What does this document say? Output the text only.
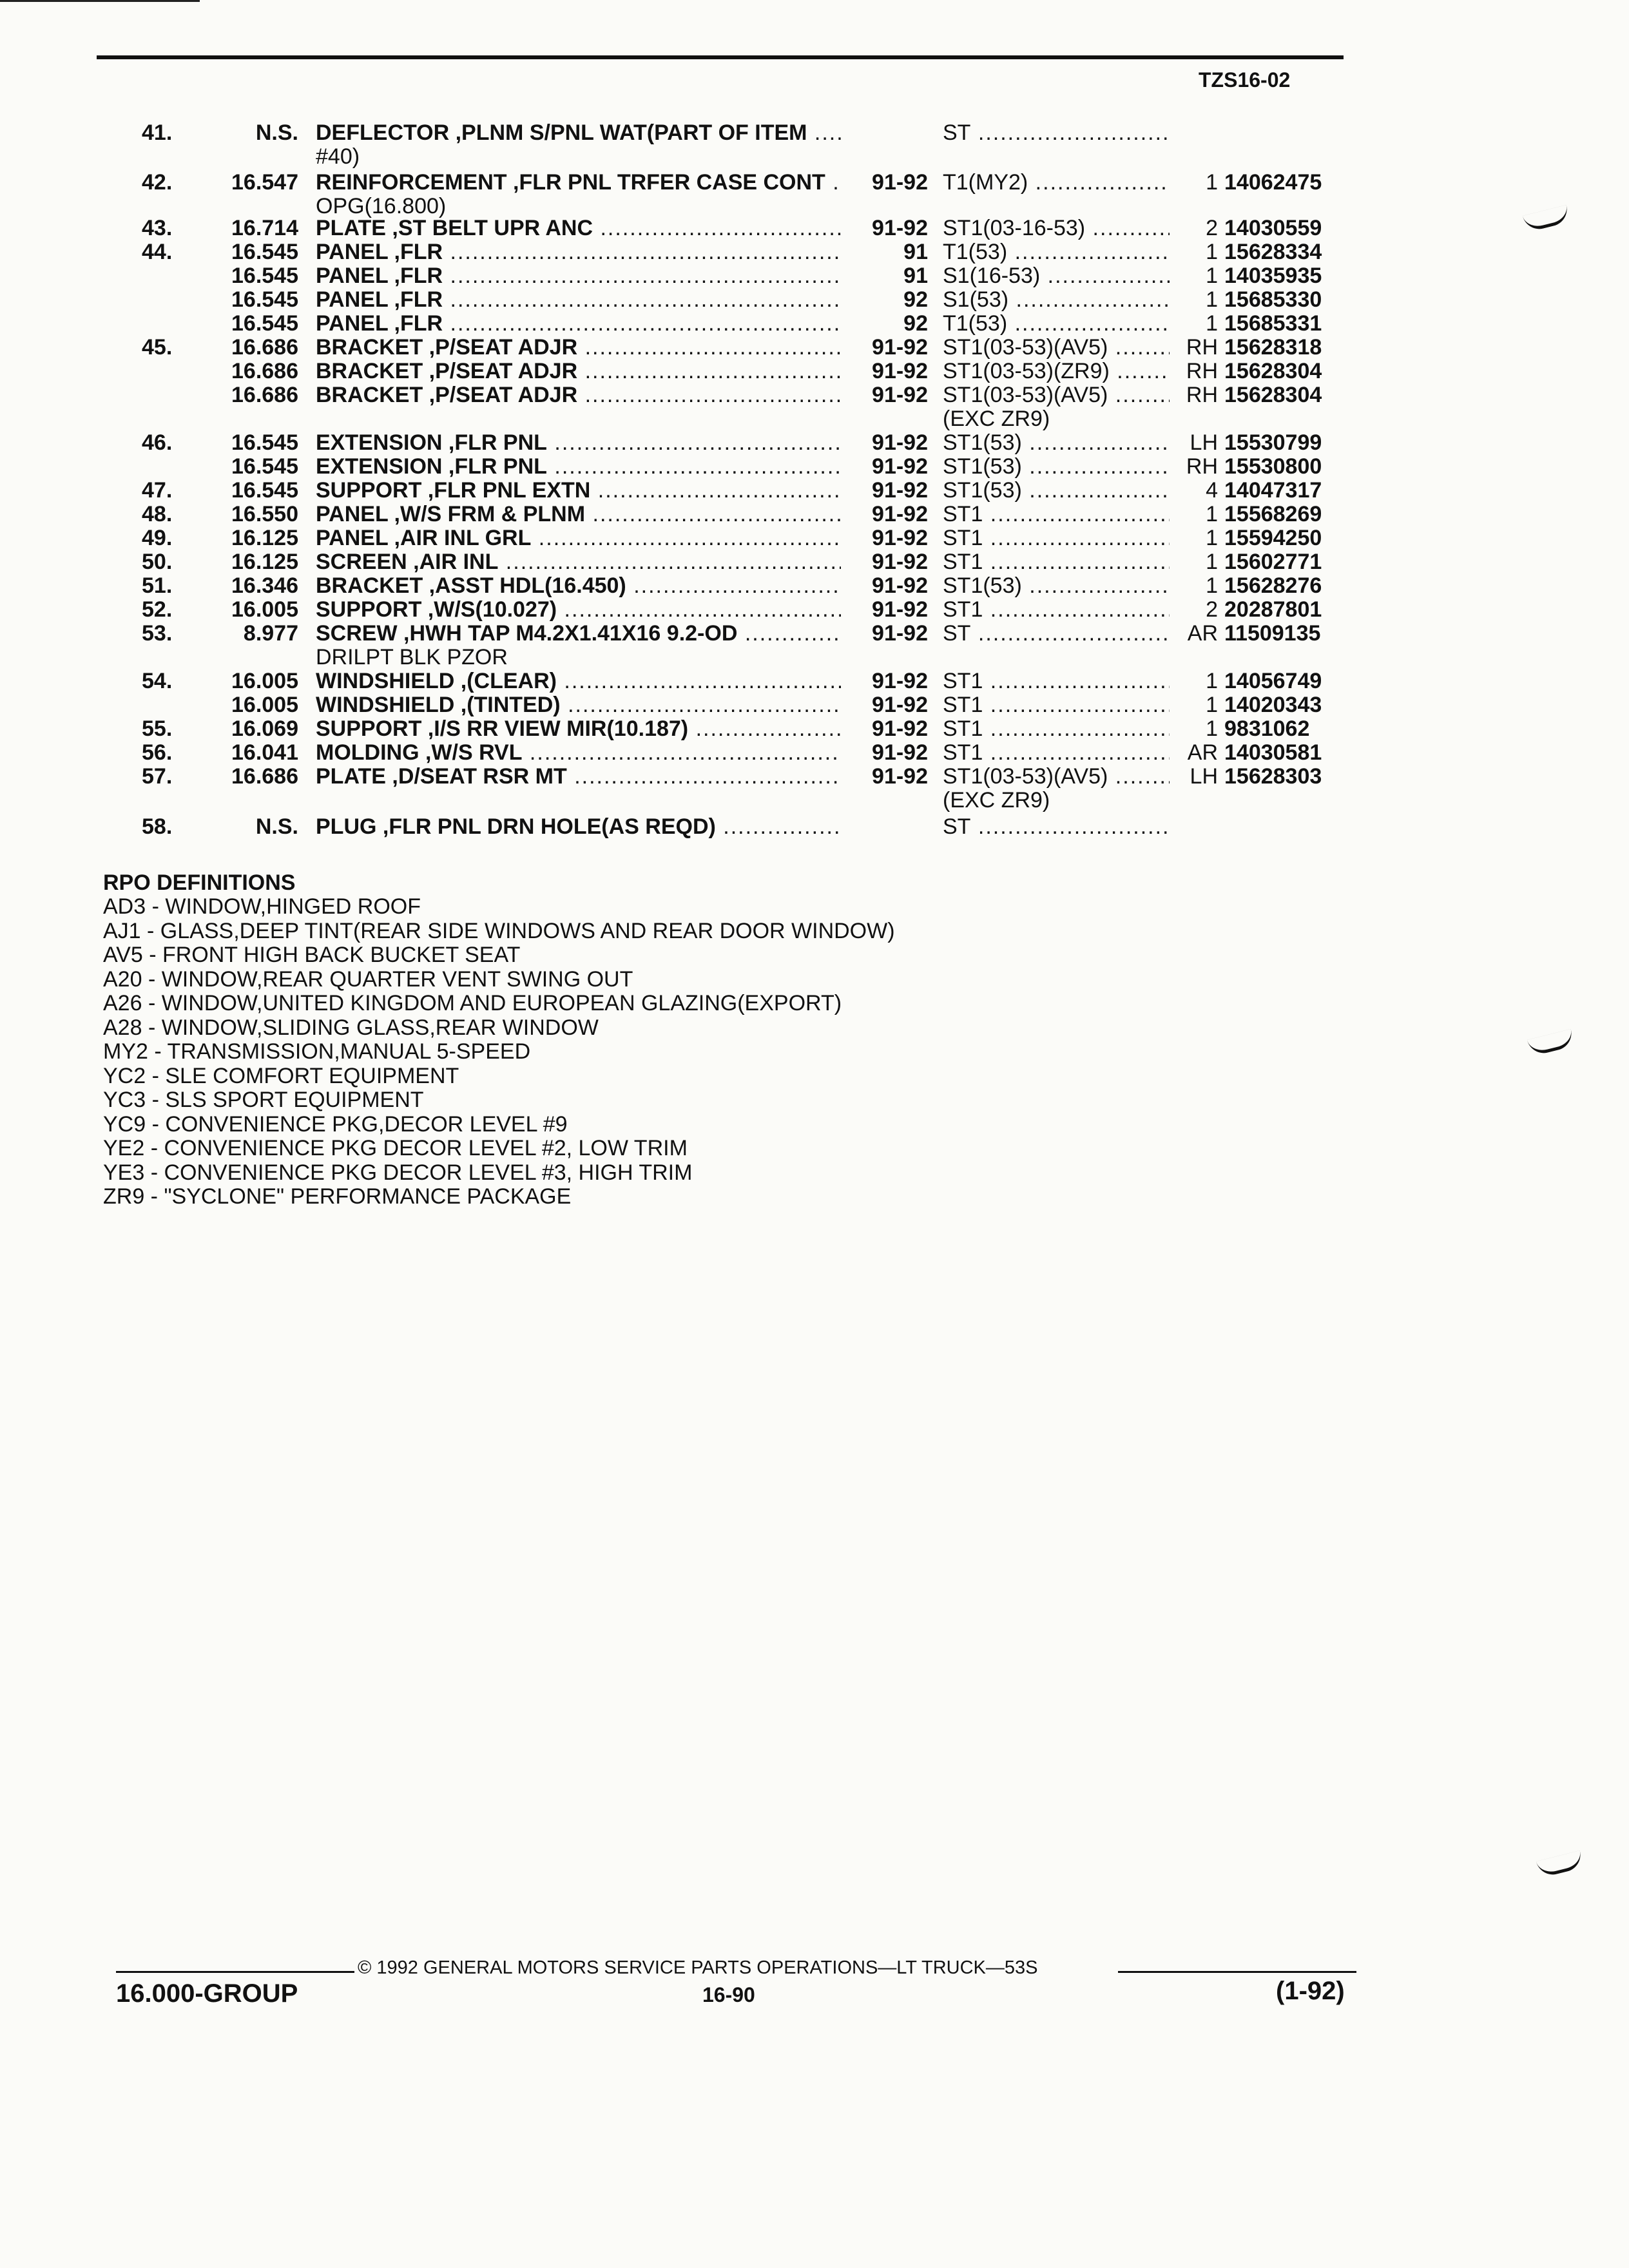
TZS16-02
41.	N.S. DEFLECTOR ,PLNM S/PNL WAT(PART OF ITEM .....	ST .....
#40)
42.	16.547 REINFORCEMENT ,FLR PNL TRFER CASE CONT .....	91-92 T1(MY2) .....	1 14062475
OPG(16.800)
43.	16.714 PLATE ,ST BELT UPR ANC .....	91-92 ST1(03-16-53) .....	2 14030559
44.	16.545 PANEL ,FLR .....	91 T1(53) .....	1 15628334
16.545 PANEL ,FLR .....	91 S1(16-53) .....	1 14035935
16.545 PANEL ,FLR .....	92 S1(53) .....	1 15685330
16.545 PANEL ,FLR .....	92 T1(53) .....	1 15685331
45.	16.686 BRACKET ,P/SEAT ADJR .....	91-92 ST1(03-53)(AV5) .....	RH 15628318
16.686 BRACKET ,P/SEAT ADJR .....	91-92 ST1(03-53)(ZR9) .....	RH 15628304
16.686 BRACKET ,P/SEAT ADJR .....	91-92 ST1(03-53)(AV5) .....	RH 15628304
(EXC ZR9)
46.	16.545 EXTENSION ,FLR PNL .....	91-92 ST1(53) .....	LH 15530799
16.545 EXTENSION ,FLR PNL .....	91-92 ST1(53) .....	RH 15530800
47.	16.545 SUPPORT ,FLR PNL EXTN .....	91-92 ST1(53) .....	4 14047317
48.	16.550 PANEL ,W/S FRM & PLNM .....	91-92 ST1 .....	1 15568269
49.	16.125 PANEL ,AIR INL GRL .....	91-92 ST1 .....	1 15594250
50.	16.125 SCREEN ,AIR INL .....	91-92 ST1 .....	1 15602771
51.	16.346 BRACKET ,ASST HDL(16.450) .....	91-92 ST1(53) .....	1 15628276
52.	16.005 SUPPORT ,W/S(10.027) .....	91-92 ST1 .....	2 20287801
53.	8.977 SCREW ,HWH TAP M4.2X1.41X16 9.2-OD .....	91-92 ST .....	AR 11509135
DRILPT BLK PZOR
54.	16.005 WINDSHIELD ,(CLEAR) .....	91-92 ST1 .....	1 14056749
16.005 WINDSHIELD ,(TINTED) .....	91-92 ST1 .....	1 14020343
55.	16.069 SUPPORT ,I/S RR VIEW MIR(10.187) .....	91-92 ST1 .....	1 9831062
56.	16.041 MOLDING ,W/S RVL .....	91-92 ST1 .....	AR 14030581
57.	16.686 PLATE ,D/SEAT RSR MT .....	91-92 ST1(03-53)(AV5) .....	LH 15628303
(EXC ZR9)
58.	N.S. PLUG ,FLR PNL DRN HOLE(AS REQD) .....	ST .....
RPO DEFINITIONS
AD3 - WINDOW,HINGED ROOF
AJ1 - GLASS,DEEP TINT(REAR SIDE WINDOWS AND REAR DOOR WINDOW)
AV5 - FRONT HIGH BACK BUCKET SEAT
A20 - WINDOW,REAR QUARTER VENT SWING OUT
A26 - WINDOW,UNITED KINGDOM AND EUROPEAN GLAZING(EXPORT)
A28 - WINDOW,SLIDING GLASS,REAR WINDOW
MY2 - TRANSMISSION,MANUAL 5-SPEED
YC2 - SLE COMFORT EQUIPMENT
YC3 - SLS SPORT EQUIPMENT
YC9 - CONVENIENCE PKG,DECOR LEVEL #9
YE2 - CONVENIENCE PKG DECOR LEVEL #2, LOW TRIM
YE3 - CONVENIENCE PKG DECOR LEVEL #3, HIGH TRIM
ZR9 - "SYCLONE" PERFORMANCE PACKAGE
© 1992 GENERAL MOTORS SERVICE PARTS OPERATIONS—LT TRUCK—53S
16.000-GROUP	16-90	(1-92)
